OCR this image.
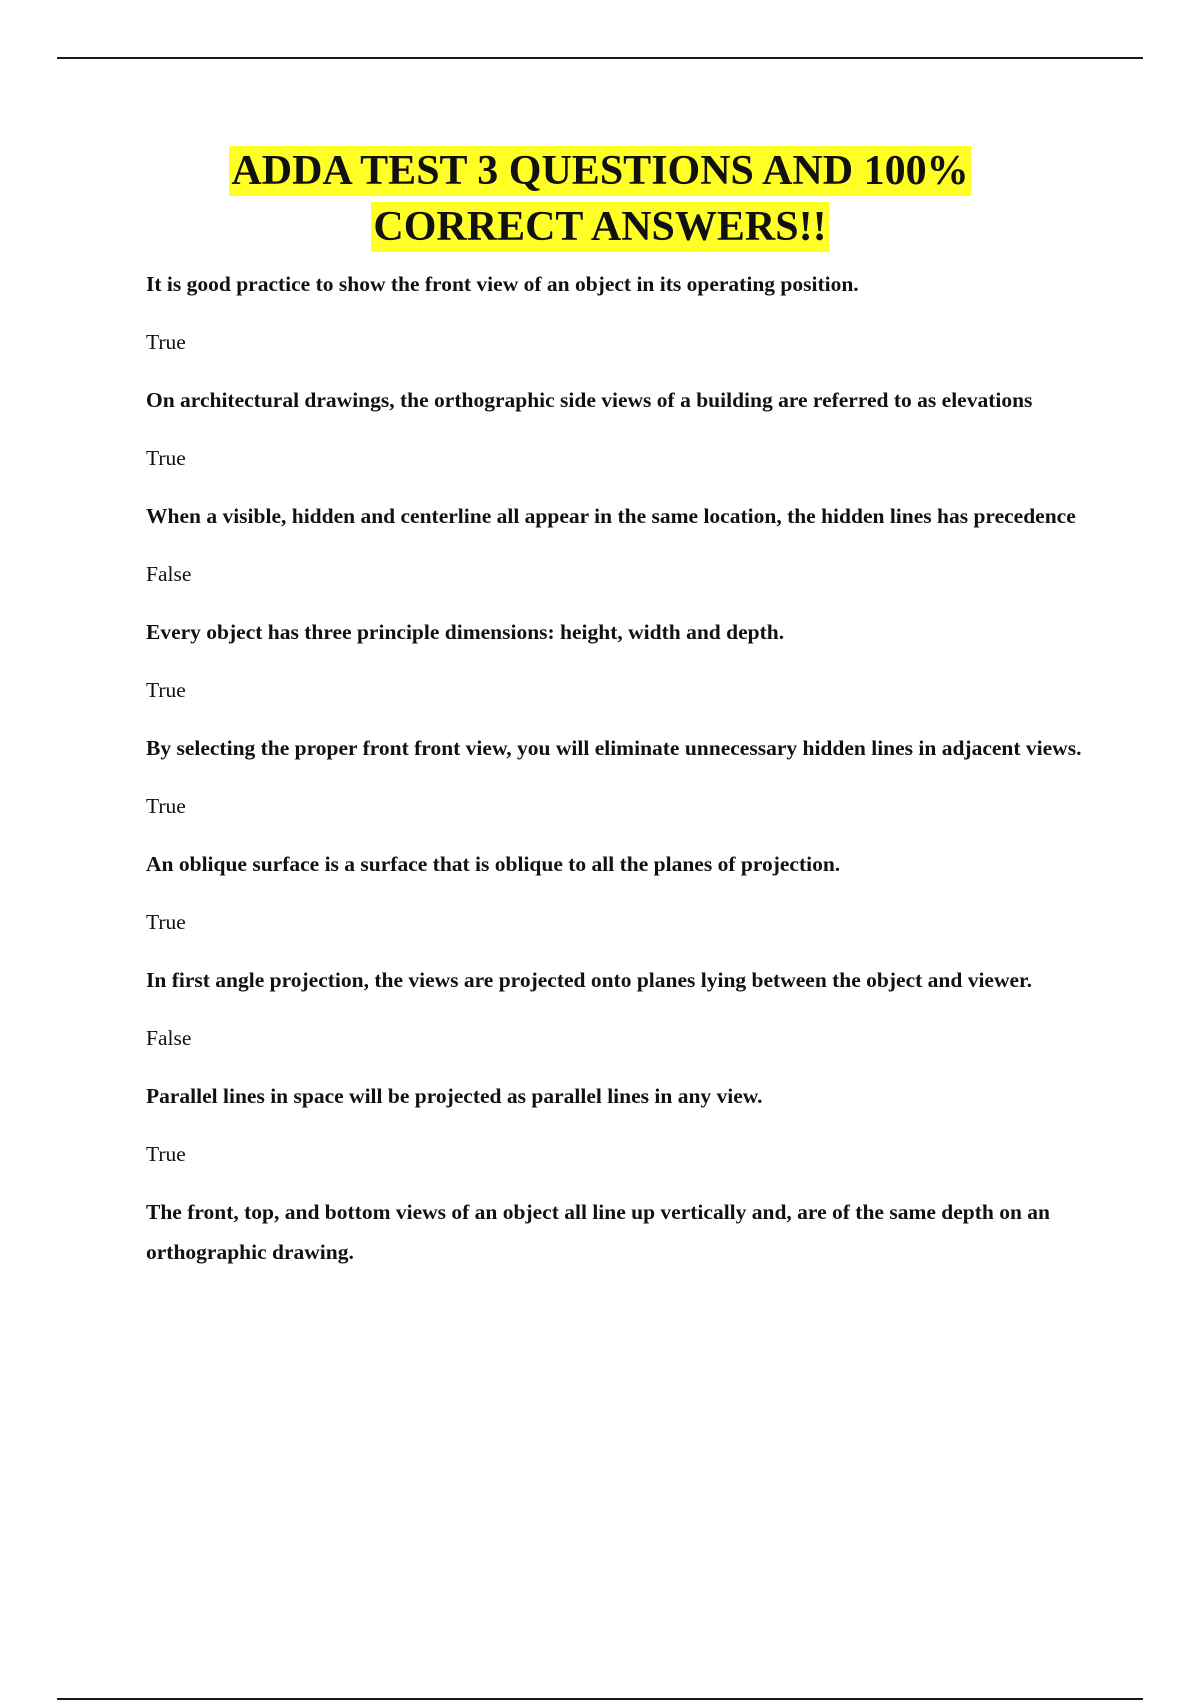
ADDA TEST 3 QUESTIONS AND 100%
CORRECT ANSWERS!!

It is good practice to show the front view of an object in its operating position.

True

On architectural drawings, the orthographic side views of a building are referred to as elevations

True

When a visible, hidden and centerline all appear in the same location, the hidden lines has precedence

False

Every object has three principle dimensions: height, width and depth.

True

By selecting the proper front front view, you will eliminate unnecessary hidden lines in adjacent views.

True

An oblique surface is a surface that is oblique to all the planes of projection.

True

In first angle projection, the views are projected onto planes lying between the object and viewer.

False

Parallel lines in space will be projected as parallel lines in any view.

True

The front, top, and bottom views of an object all line up vertically and, are of the same depth on an orthographic drawing.
